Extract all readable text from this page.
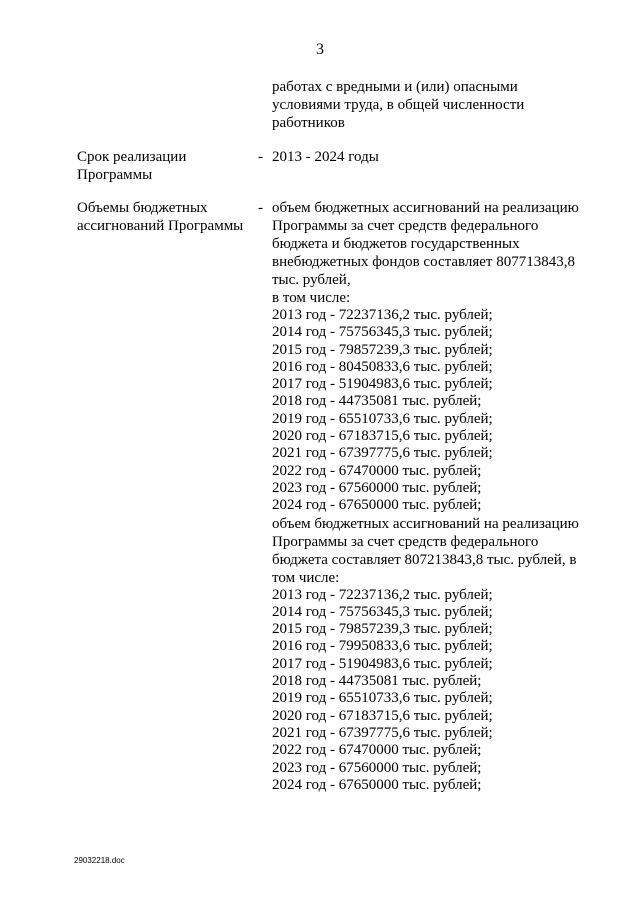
3
работах с вредными и (или) опасными условиями труда, в общей численности работников
Срок реализации Программы
- 2013 - 2024 годы
Объемы бюджетных ассигнований Программы
- объем бюджетных ассигнований на реализацию Программы за счет средств федерального бюджета и бюджетов государственных внебюджетных фондов составляет 807713843,8 тыс. рублей,
в том числе:
2013 год - 72237136,2 тыс. рублей;
2014 год - 75756345,3 тыс. рублей;
2015 год - 79857239,3 тыс. рублей;
2016 год - 80450833,6 тыс. рублей;
2017 год - 51904983,6 тыс. рублей;
2018 год - 44735081 тыс. рублей;
2019 год - 65510733,6 тыс. рублей;
2020 год - 67183715,6 тыс. рублей;
2021 год - 67397775,6 тыс. рублей;
2022 год - 67470000 тыс. рублей;
2023 год - 67560000 тыс. рублей;
2024 год - 67650000 тыс. рублей;
объем бюджетных ассигнований на реализацию Программы за счет средств федерального бюджета составляет 807213843,8 тыс. рублей, в том числе:
2013 год - 72237136,2 тыс. рублей;
2014 год - 75756345,3 тыс. рублей;
2015 год - 79857239,3 тыс. рублей;
2016 год - 79950833,6 тыс. рублей;
2017 год - 51904983,6 тыс. рублей;
2018 год - 44735081 тыс. рублей;
2019 год - 65510733,6 тыс. рублей;
2020 год - 67183715,6 тыс. рублей;
2021 год - 67397775,6 тыс. рублей;
2022 год - 67470000 тыс. рублей;
2023 год - 67560000 тыс. рублей;
2024 год - 67650000 тыс. рублей;
29032218.doc
